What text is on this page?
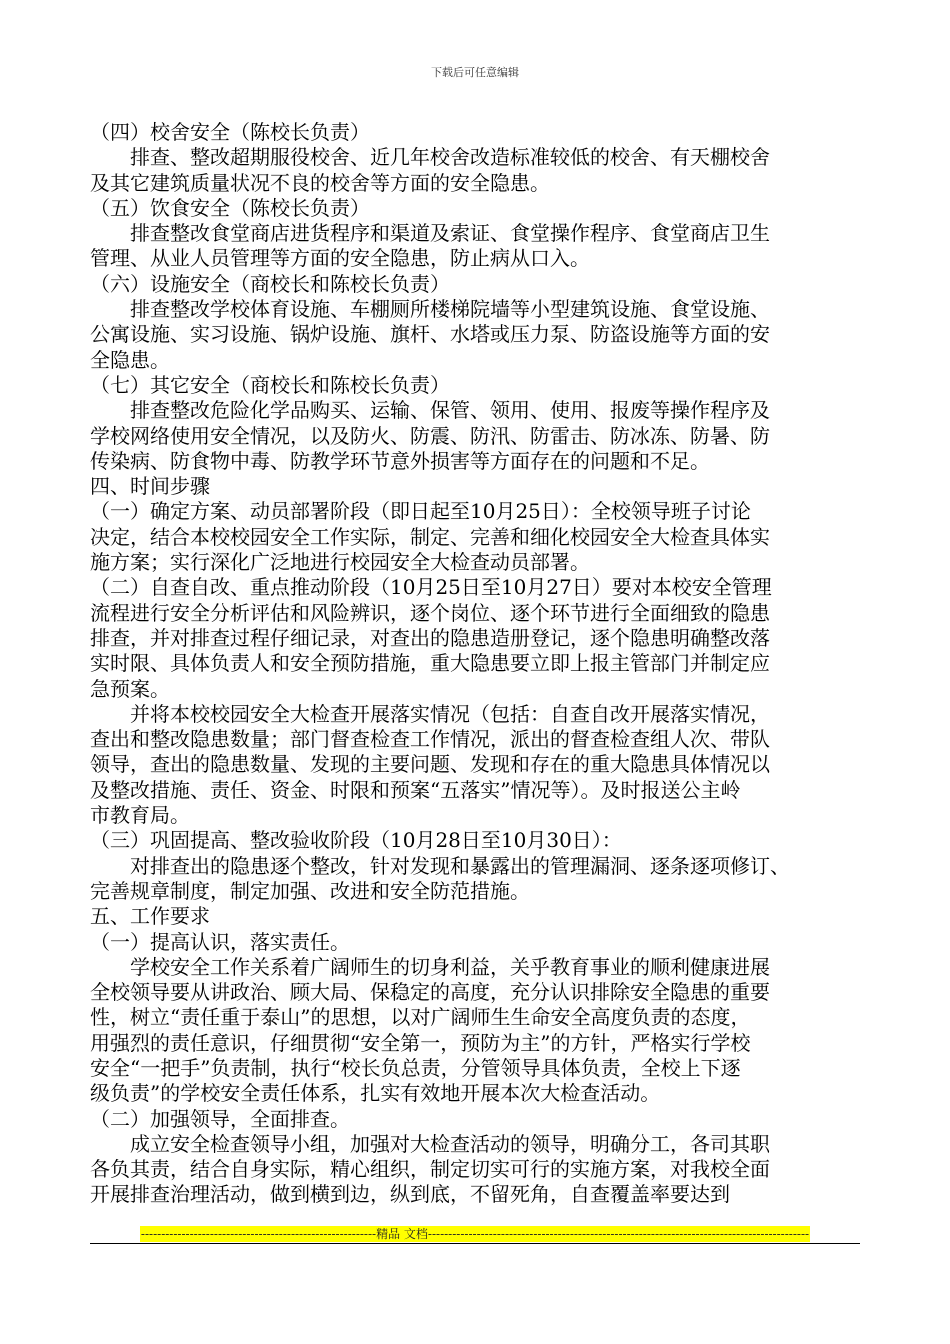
下载后可任意编辑
（四）校舍安全（陈校长负责）
排查、整改超期服役校舍、近几年校舍改造标准较低的校舍、有天棚校舍
及其它建筑质量状况不良的校舍等方面的安全隐患。
（五）饮食安全（陈校长负责）
排查整改食堂商店进货程序和渠道及索证、食堂操作程序、食堂商店卫生
管理、从业人员管理等方面的安全隐患，防止病从口入。
（六）设施安全（商校长和陈校长负责）
排查整改学校体育设施、车棚厕所楼梯院墙等小型建筑设施、食堂设施、
公寓设施、实习设施、锅炉设施、旗杆、水塔或压力泵、防盗设施等方面的安
全隐患。
（七）其它安全（商校长和陈校长负责）
排查整改危险化学品购买、运输、保管、领用、使用、报废等操作程序及
学校网络使用安全情况，以及防火、防震、防汛、防雷击、防冰冻、防暑、防
传染病、防食物中毒、防教学环节意外损害等方面存在的问题和不足。
四、时间步骤
（一）确定方案、动员部署阶段（即日起至10月25日）：全校领导班子讨论
决定，结合本校校园安全工作实际，制定、完善和细化校园安全大检查具体实
施方案；实行深化广泛地进行校园安全大检查动员部署。
（二）自查自改、重点推动阶段（10月25日至10月27日）要对本校安全管理
流程进行安全分析评估和风险辨识，逐个岗位、逐个环节进行全面细致的隐患
排查，并对排查过程仔细记录，对查出的隐患造册登记，逐个隐患明确整改落
实时限、具体负责人和安全预防措施，重大隐患要立即上报主管部门并制定应
急预案。
并将本校校园安全大检查开展落实情况（包括：自查自改开展落实情况，
查出和整改隐患数量；部门督查检查工作情况，派出的督查检查组人次、带队
领导，查出的隐患数量、发现的主要问题、发现和存在的重大隐患具体情况以
及整改措施、责任、资金、时限和预案“五落实”情况等）。及时报送公主岭
市教育局。
（三）巩固提高、整改验收阶段（10月28日至10月30日）：
对排查出的隐患逐个整改，针对发现和暴露出的管理漏洞、逐条逐项修订、
完善规章制度，制定加强、改进和安全防范措施。
五、工作要求
（一）提高认识，落实责任。
学校安全工作关系着广阔师生的切身利益，关乎教育事业的顺利健康进展
全校领导要从讲政治、顾大局、保稳定的高度，充分认识排除安全隐患的重要
性，树立“责任重于泰山”的思想，以对广阔师生生命安全高度负责的态度，
用强烈的责任意识，仔细贯彻“安全第一，预防为主”的方针，严格实行学校
安全“一把手”负责制，执行“校长负总责，分管领导具体负责，全校上下逐
级负责”的学校安全责任体系，扎实有效地开展本次大检查活动。
（二）加强领导，全面排查。
成立安全检查领导小组，加强对大检查活动的领导，明确分工，各司其职
各负其责，结合自身实际，精心组织，制定切实可行的实施方案，对我校全面
开展排查治理活动，做到横到边，纵到底，不留死角，自查覆盖率要达到
----------------------------------------------------------精品 文档----------------------------------------------------------------------------------------------
